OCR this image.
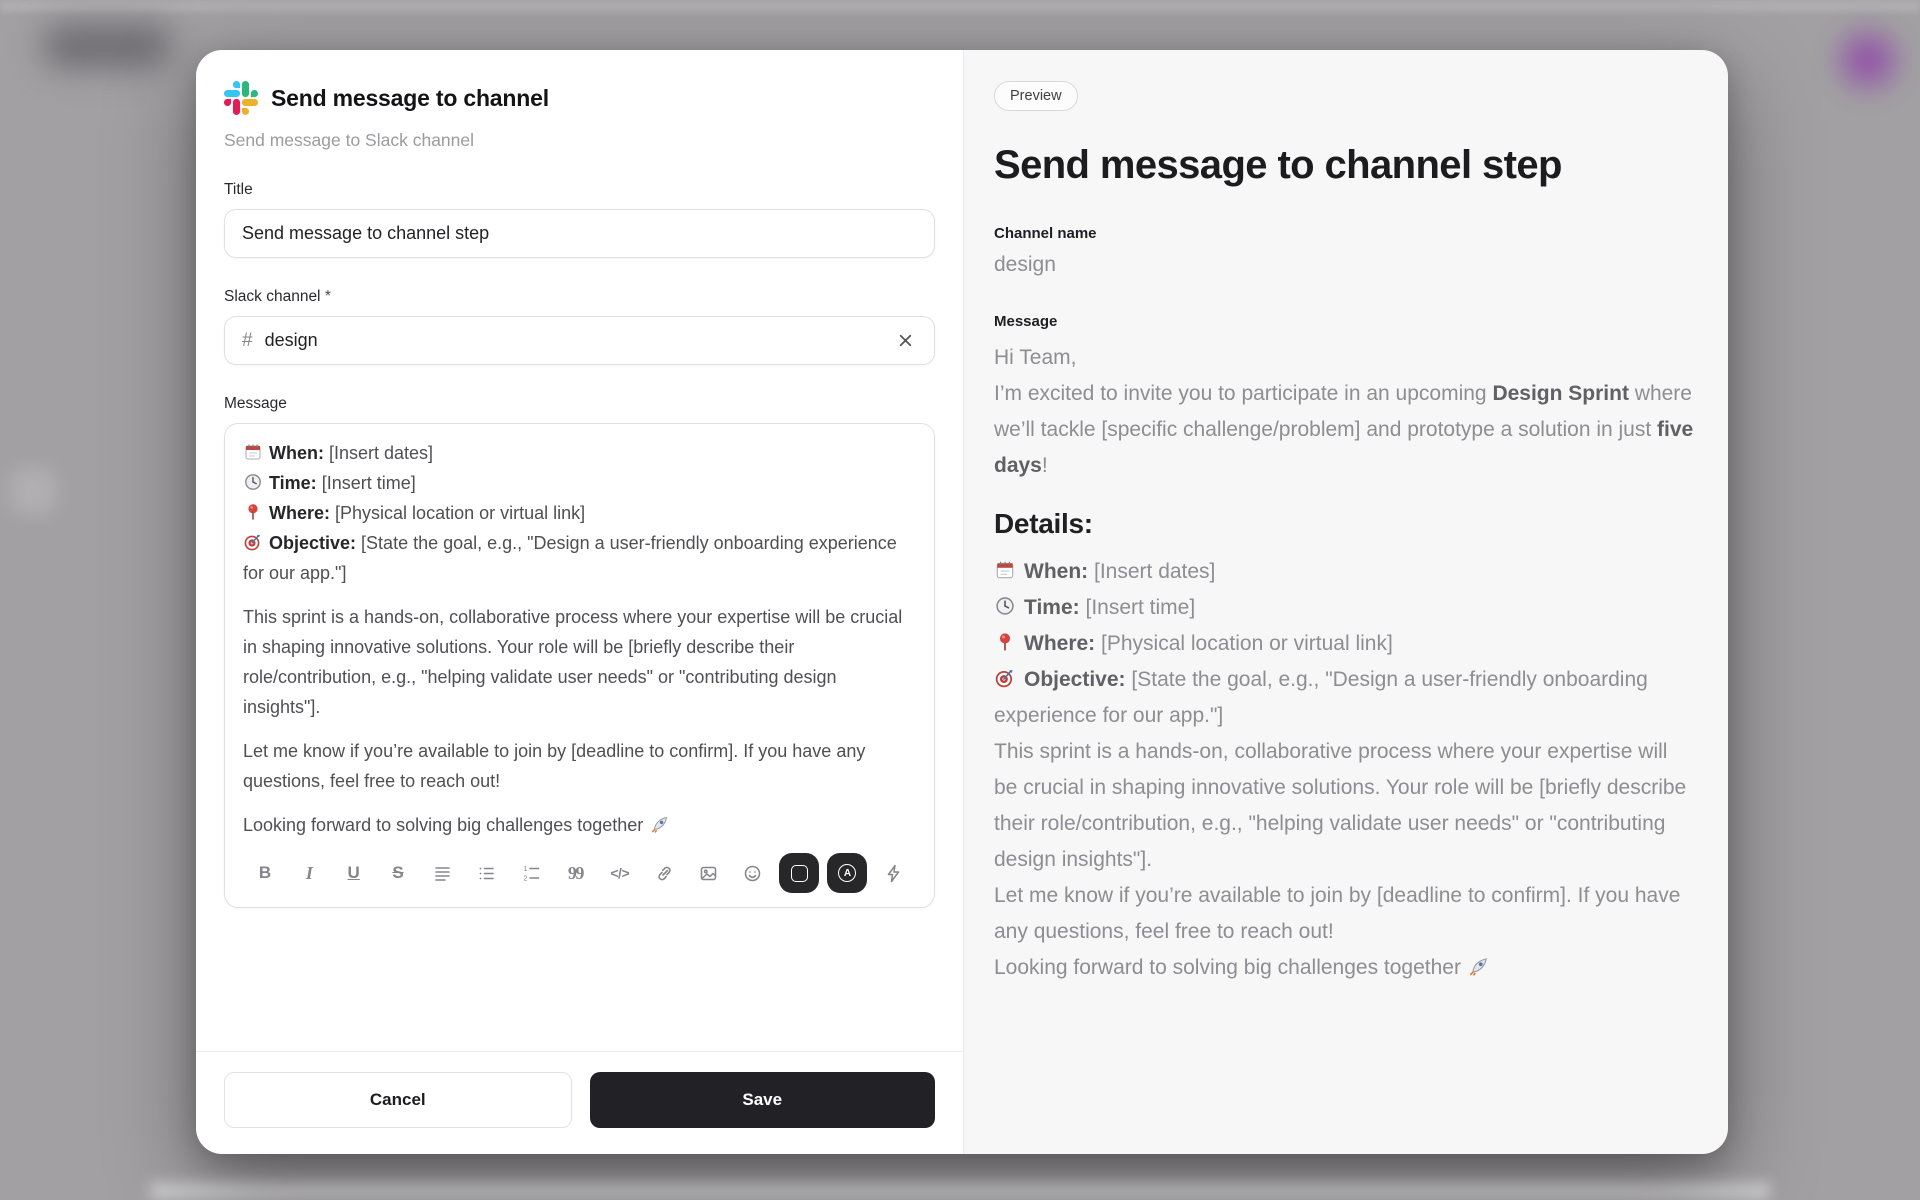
Send message to channel

Send message to Slack channel

Title
Send message to channel step
Slack channel *
# design
Message
When: [Insert dates]
Time: [Insert time]
Where: [Physical location or virtual link]
Objective: [State the goal, e.g., "Design a user-friendly onboarding experience for our app."]

This sprint is a hands-on, collaborative process where your expertise will be crucial in shaping innovative solutions. Your role will be [briefly describe their role/contribution, e.g., "helping validate user needs" or "contributing design insights"].

Let me know if you’re available to join by [deadline to confirm]. If you have any questions, feel free to reach out!

Looking forward to solving big challenges together

B I U S	1
2 99 </>	A
Cancel	Save
Preview
Send message to channel step
Channel name
design
Message
Hi Team,
I’m excited to invite you to participate in an upcoming Design Sprint where we’ll tackle [specific challenge/problem] and prototype a solution in just five days!
Details:
When: [Insert dates]
Time: [Insert time]
Where: [Physical location or virtual link]
Objective: [State the goal, e.g., "Design a user-friendly onboarding experience for our app."]
This sprint is a hands-on, collaborative process where your expertise will be crucial in shaping innovative solutions. Your role will be [briefly describe their role/contribution, e.g., "helping validate user needs" or "contributing design insights"].
Let me know if you’re available to join by [deadline to confirm]. If you have any questions, feel free to reach out!
Looking forward to solving big challenges together
